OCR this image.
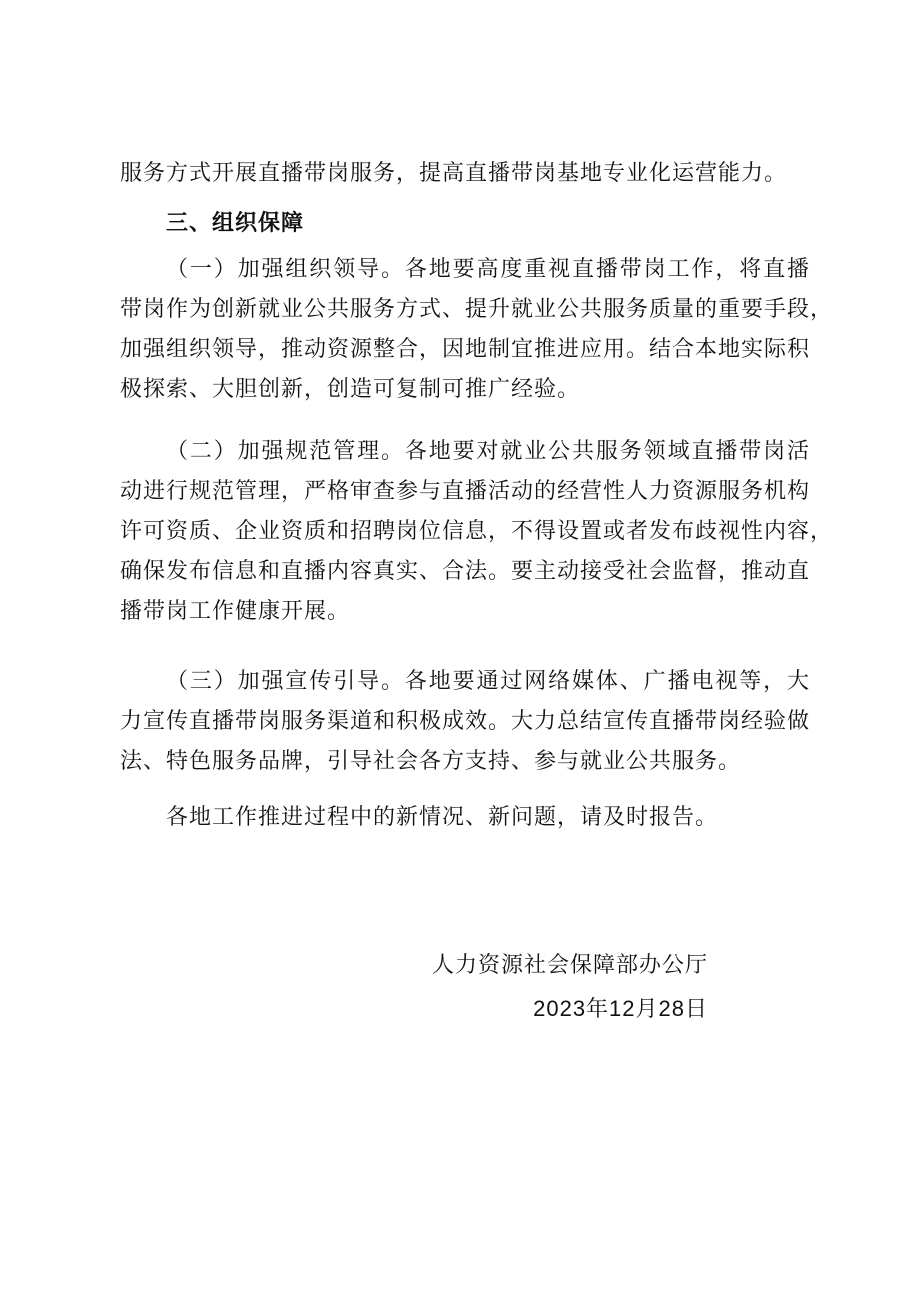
服务方式开展直播带岗服务，提高直播带岗基地专业化运营能力。
三、组织保障
（一）加强组织领导。各地要高度重视直播带岗工作，将直播
带岗作为创新就业公共服务方式、提升就业公共服务质量的重要手段，
加强组织领导，推动资源整合，因地制宜推进应用。结合本地实际积
极探索、大胆创新，创造可复制可推广经验。
（二）加强规范管理。各地要对就业公共服务领域直播带岗活
动进行规范管理，严格审查参与直播活动的经营性人力资源服务机构
许可资质、企业资质和招聘岗位信息，不得设置或者发布歧视性内容，
确保发布信息和直播内容真实、合法。要主动接受社会监督，推动直
播带岗工作健康开展。
（三）加强宣传引导。各地要通过网络媒体、广播电视等，大
力宣传直播带岗服务渠道和积极成效。大力总结宣传直播带岗经验做
法、特色服务品牌，引导社会各方支持、参与就业公共服务。
各地工作推进过程中的新情况、新问题，请及时报告。
人力资源社会保障部办公厅
2023年12月28日
